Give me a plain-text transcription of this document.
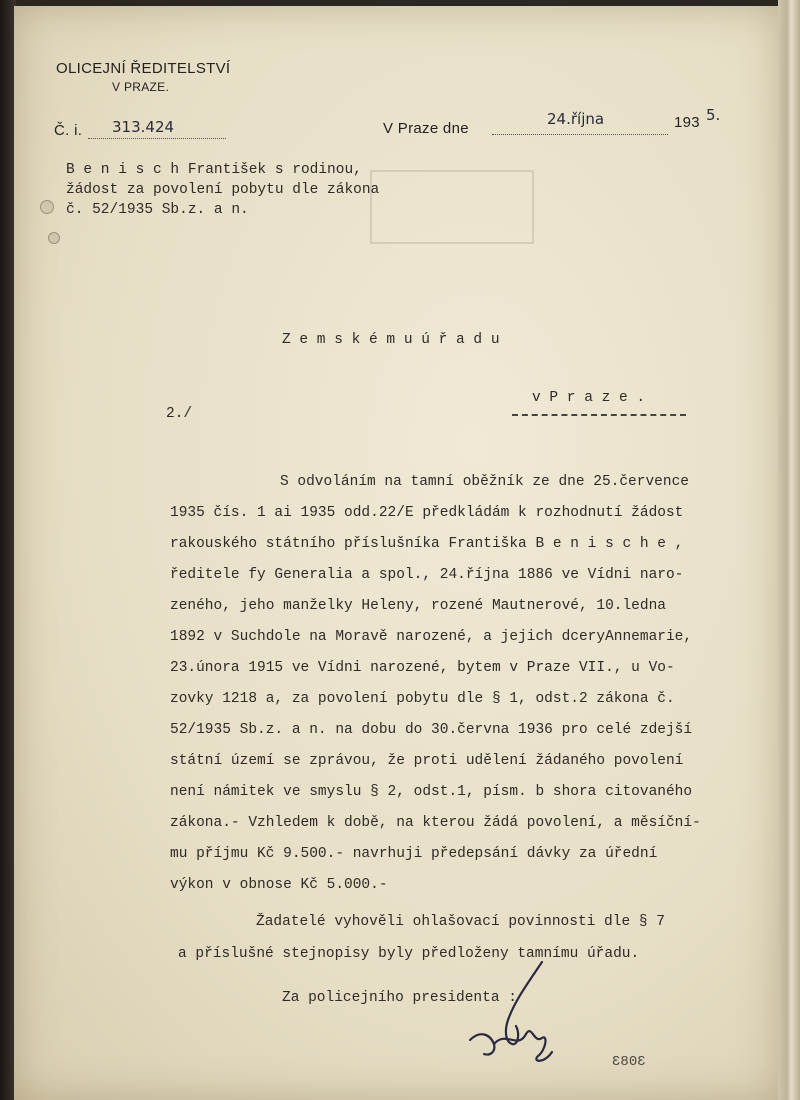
OLICEJNÍ ŘEDITELSTVÍ
V PRAZE.
Č. i. 313.424	V Praze dne
24.října	193 5.
B e n i s c h František s rodinou,
žádost za povolení pobytu dle zákona
č. 52/1935 Sb.z. a n.
Z e m s k é m u ú ř a d u
v P r a z e .
2./
S odvoláním na tamní oběžník ze dne 25.července
1935 čís. 1 ai 1935 odd.22/E předkládám k rozhodnutí žádost
rakouského státního příslušníka Františka B e n i s c h e ,
ředitele fy Generalia a spol., 24.října 1886 ve Vídni naro-
zeného, jeho manželky Heleny, rozené Mautnerové, 10.ledna
1892 v Suchdole na Moravě narozené, a jejich dceryAnnemarie,
23.února 1915 ve Vídni narozené, bytem v Praze VII., u Vo-
zovky 1218 a, za povolení pobytu dle § 1, odst.2 zákona č.
52/1935 Sb.z. a n. na dobu do 30.června 1936 pro celé zdejší
státní území se zprávou, že proti udělení žádaného povolení
není námitek ve smyslu § 2, odst.1, písm. b shora citovaného
zákona.- Vzhledem k době, na kterou žádá povolení, a měsíční-
mu příjmu Kč 9.500.- navrhuji předepsání dávky za úřední
výkon v obnose Kč 5.000.-
Žadatelé vyhověli ohlašovací povinnosti dle § 7
a příslušné stejnopisy byly předloženy tamnímu úřadu.
Za policejního presidenta :
3083
